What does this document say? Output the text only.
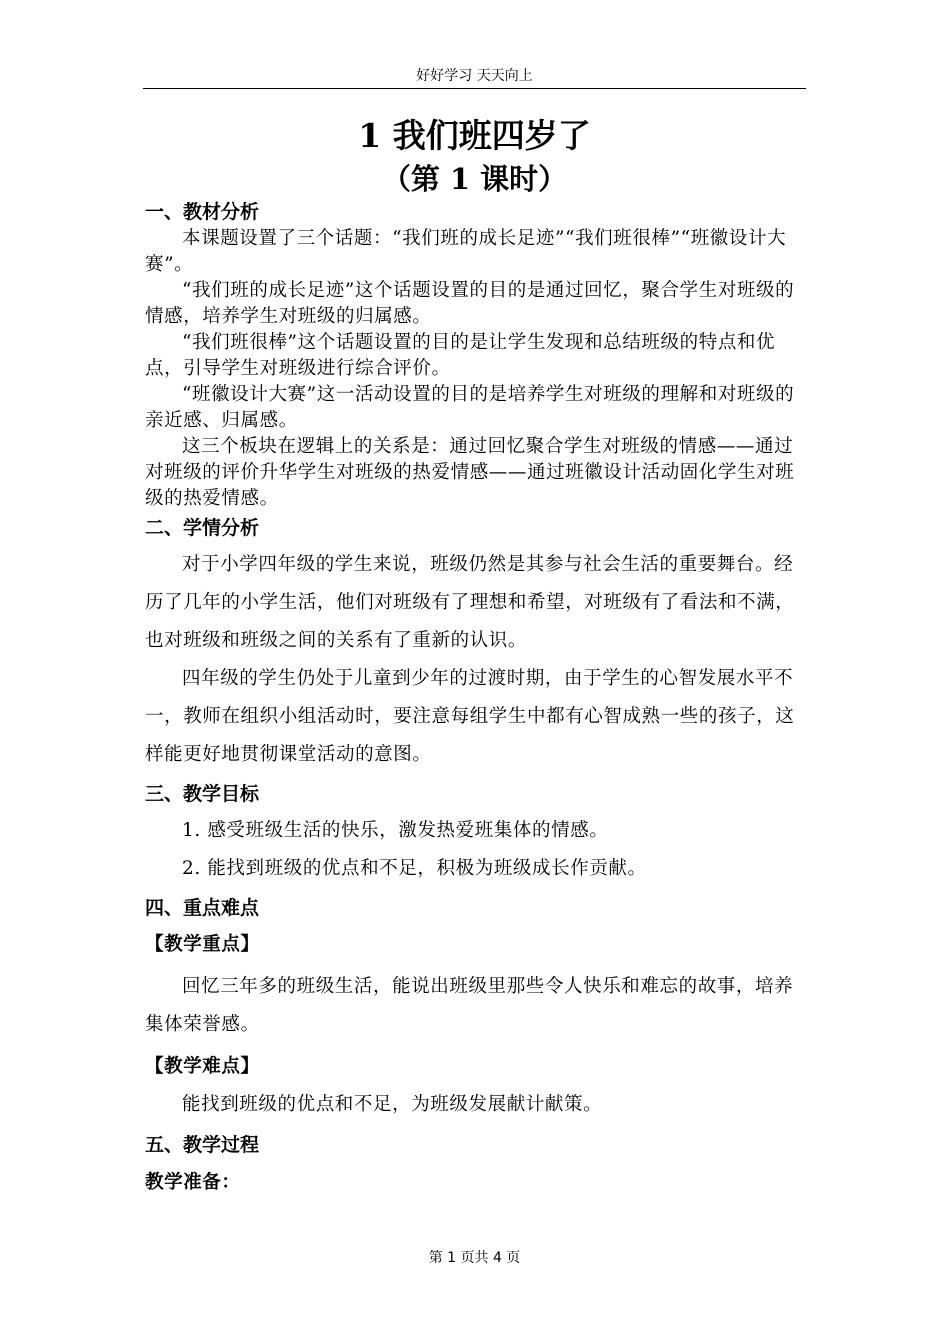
好好学习 天天向上
1 我们班四岁了
（第 1 课时）

一、教材分析

本课题设置了三个话题：“我们班的成长足迹”“我们班很棒”“班徽设计大赛”。

“我们班的成长足迹”这个话题设置的目的是通过回忆，聚合学生对班级的情感，培养学生对班级的归属感。

“我们班很棒”这个话题设置的目的是让学生发现和总结班级的特点和优点，引导学生对班级进行综合评价。

“班徽设计大赛”这一活动设置的目的是培养学生对班级的理解和对班级的亲近感、归属感。

这三个板块在逻辑上的关系是：通过回忆聚合学生对班级的情感——通过对班级的评价升华学生对班级的热爱情感——通过班徽设计活动固化学生对班级的热爱情感。

二、学情分析

对于小学四年级的学生来说，班级仍然是其参与社会生活的重要舞台。经历了几年的小学生活，他们对班级有了理想和希望，对班级有了看法和不满，也对班级和班级之间的关系有了重新的认识。

四年级的学生仍处于儿童到少年的过渡时期，由于学生的心智发展水平不一，教师在组织小组活动时，要注意每组学生中都有心智成熟一些的孩子，这样能更好地贯彻课堂活动的意图。

三、教学目标

1. 感受班级生活的快乐，激发热爱班集体的情感。

2. 能找到班级的优点和不足，积极为班级成长作贡献。

四、重点难点

【教学重点】

回忆三年多的班级生活，能说出班级里那些令人快乐和难忘的故事，培养集体荣誉感。

【教学难点】

能找到班级的优点和不足，为班级发展献计献策。

五、教学过程

教学准备：

第 1 页共 4 页
